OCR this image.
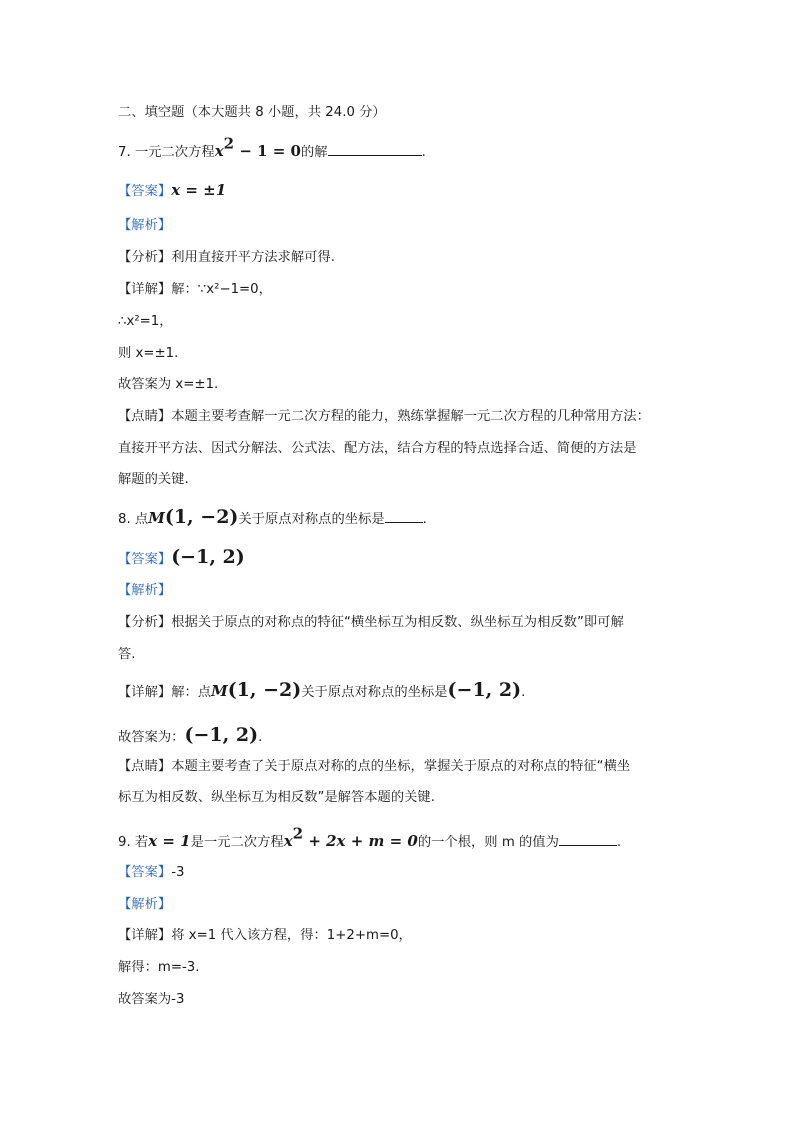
二、填空题（本大题共 8 小题，共 24.0 分）
7. 一元二次方程$x^2 - 1 = 0$的解	.
【答案】x = ±1
【解析】
【分析】利用直接开平方法求解可得.
【详解】解：∵x²−1=0，
∴x²=1，
则 x=±1.
故答案为 x=±1.
【点睛】本题主要考查解一元二次方程的能力，熟练掌握解一元二次方程的几种常用方法：
直接开平方法、因式分解法、公式法、配方法，结合方程的特点选择合适、简便的方法是
解题的关键.
8. 点M(1, −2)关于原点对称点的坐标是	.
【答案】(−1, 2)
【解析】
【分析】根据关于原点的对称点的特征“横坐标互为相反数、纵坐标互为相反数”即可解
答.
【详解】解：点M(1, −2)关于原点对称点的坐标是(−1, 2).
故答案为：(−1, 2).
【点睛】本题主要考查了关于原点对称的点的坐标，掌握关于原点的对称点的特征“横坐
标互为相反数、纵坐标互为相反数”是解答本题的关键.
9. 若x = 1是一元二次方程$x^2 + 2x + m = 0$的一个根，则 m 的值为	.
【答案】-3
【解析】
【详解】将 x=1 代入该方程，得：1+2+m=0，
解得：m=-3.
故答案为-3
